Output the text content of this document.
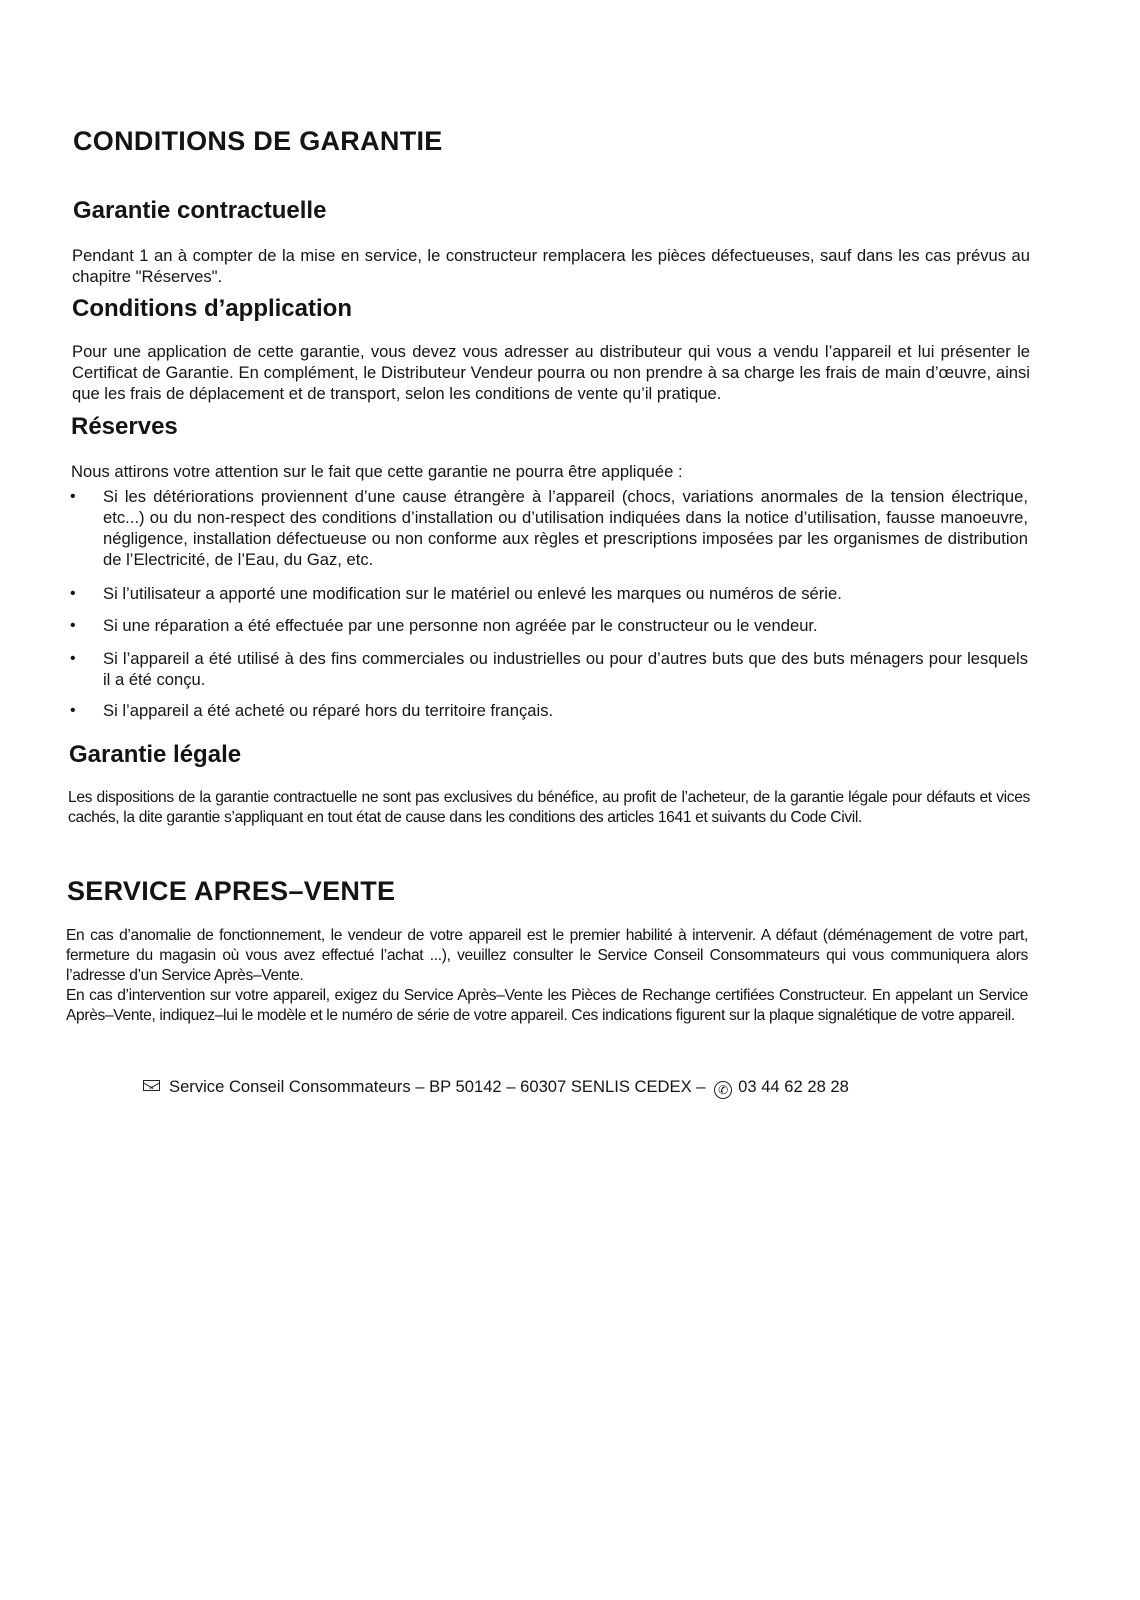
CONDITIONS DE GARANTIE
Garantie contractuelle

Pendant 1 an à compter de la mise en service, le constructeur remplacera les pièces défectueuses, sauf dans les cas prévus au chapitre "Réserves".

Conditions d’application

Pour une application de cette garantie, vous devez vous adresser au distributeur qui vous a vendu l’appareil et lui présenter le Certificat de Garantie. En complément, le Distributeur Vendeur pourra ou non prendre à sa charge les frais de main d’œuvre, ainsi que les frais de déplacement et de transport, selon les conditions de vente qu’il pratique.

Réserves

Nous attirons votre attention sur le fait que cette garantie ne pourra être appliquée :

• Si les détériorations proviennent d’une cause étrangère à l’appareil (chocs, variations anormales de la tension électrique, etc...) ou du non-respect des conditions d’installation ou d’utilisation indiquées dans la notice d’utilisation, fausse manoeuvre, négligence, installation défectueuse ou non conforme aux règles et prescriptions imposées par les organismes de distribution de l’Electricité, de l’Eau, du Gaz, etc.
• Si l’utilisateur a apporté une modification sur le matériel ou enlevé les marques ou numéros de série.
• Si une réparation a été effectuée par une personne non agréée par le constructeur ou le vendeur.
• Si l’appareil a été utilisé à des fins commerciales ou industrielles ou pour d’autres buts que des buts ménagers pour lesquels il a été conçu.
• Si l’appareil a été acheté ou réparé hors du territoire français.
Garantie légale

Les dispositions de la garantie contractuelle ne sont pas exclusives du bénéfice, au profit de l’acheteur, de la garantie légale pour défauts et vices cachés, la dite garantie s’appliquant en tout état de cause dans les conditions des articles 1641 et suivants du Code Civil.

SERVICE APRES–VENTE

En cas d’anomalie de fonctionnement, le vendeur de votre appareil est le premier habilité à intervenir. A défaut (déménagement de votre part, fermeture du magasin où vous avez effectué l’achat ...), veuillez consulter le Service Conseil Consommateurs qui vous communiquera alors l’adresse d’un Service Après–Vente.

En cas d’intervention sur votre appareil, exigez du Service Après–Vente les Pièces de Rechange certifiées Constructeur. En appelant un Service Après–Vente, indiquez–lui le modèle et le numéro de série de votre appareil. Ces indications figurent sur la plaque signalétique de votre appareil.

Service Conseil Consommateurs – BP 50142 – 60307 SENLIS CEDEX – ✆ 03 44 62 28 28
